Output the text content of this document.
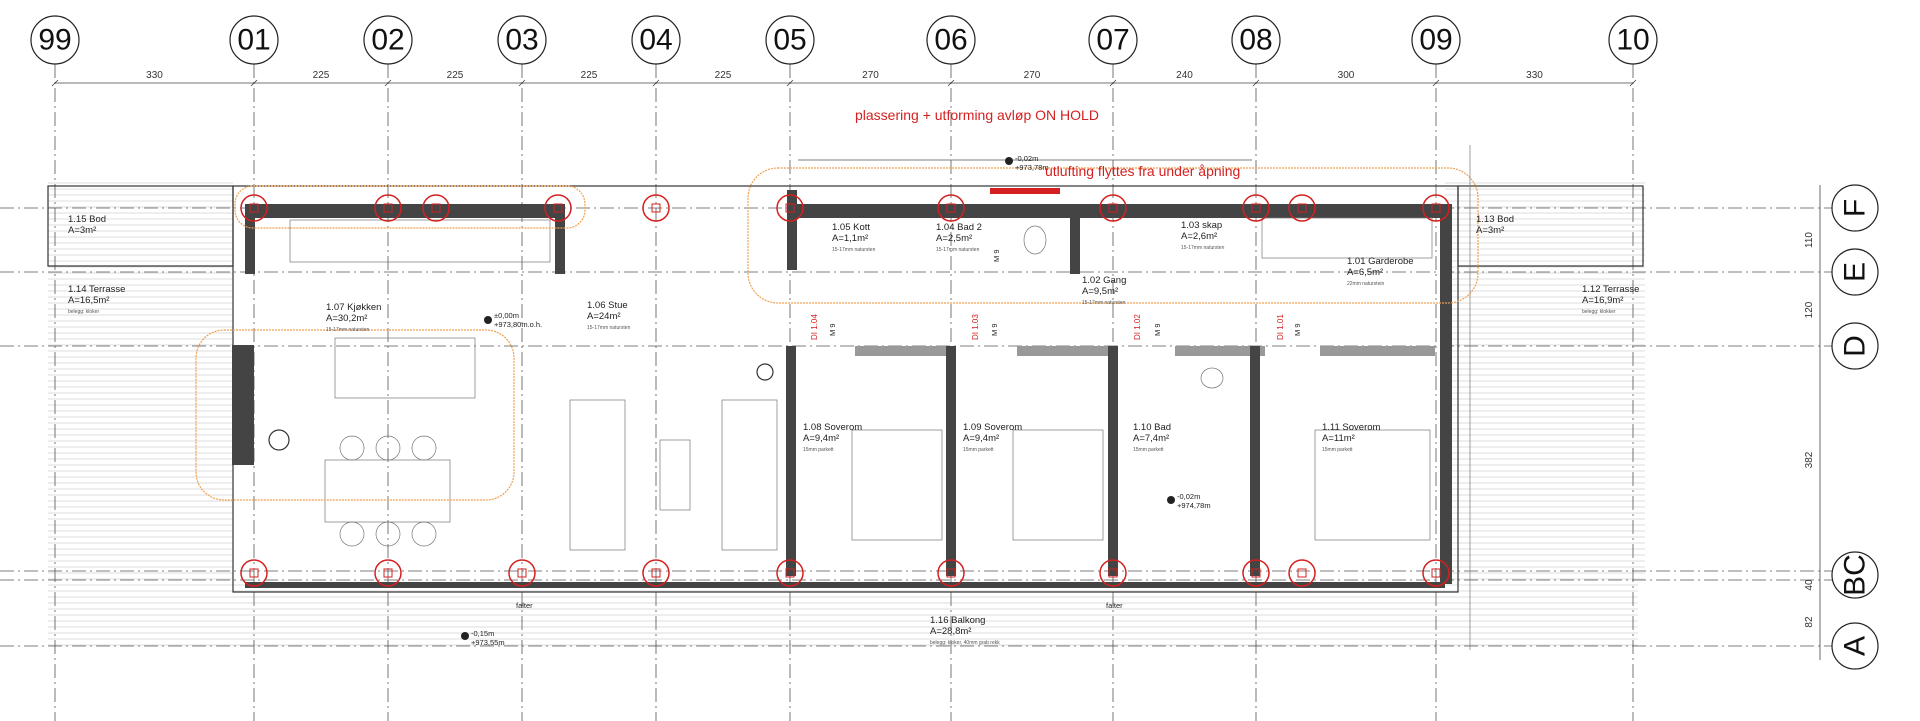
330	225	225	225	225	270	270	240	300	330
99	01	02	03	04	05	06	07	08	09	10
F
E
D
BC
A
110
120
382
40
82
plassering + utforming avløp ON HOLD
utlufting flyttes fra under åpning
DI 1.04	DI 1.03	DI 1.02	DI 1.01
M 9	M 9	M 9	M 9
M 9
falter	falter
1.15 Bod
A=3m²
1.14 Terrasse
A=16,5m²
belegg: kloker	1.07 Kjøkken
A=30,2m²
15-17mm natursten
1.06 Stue
A=24m²
15-17mm natursten
1.05 Kott
A=1,1m²
15-17mm natursten
1.04 Bad 2
A=2,5m²
15-17mm natursten
1.03 skap
A=2,6m²
15-17mm natursten
1.13 Bod
A=3m²
1.02 Gang
A=9,5m²
15-17mm natursten
1.01 Garderobe
A=6,5m²
22mm naturstein	1.12 Terrasse
A=16,9m²
belegg: klokker
1.08 Soverom
A=9,4m²
15mm parkett
1.09 Soverom
A=9,4m²
15mm parkett
1.10 Bad
A=7,4m²
15mm parkett
1.11 Soverom
A=11m²
15mm parkett
1.16 Balkong
A=28,8m²
belegg: kloker, 40mm grab rekk
±0,00m
+973,80m.o.h.
-0,02m
+973,78m
-0,02m
+974,78m
-0,15m
+973,55m
